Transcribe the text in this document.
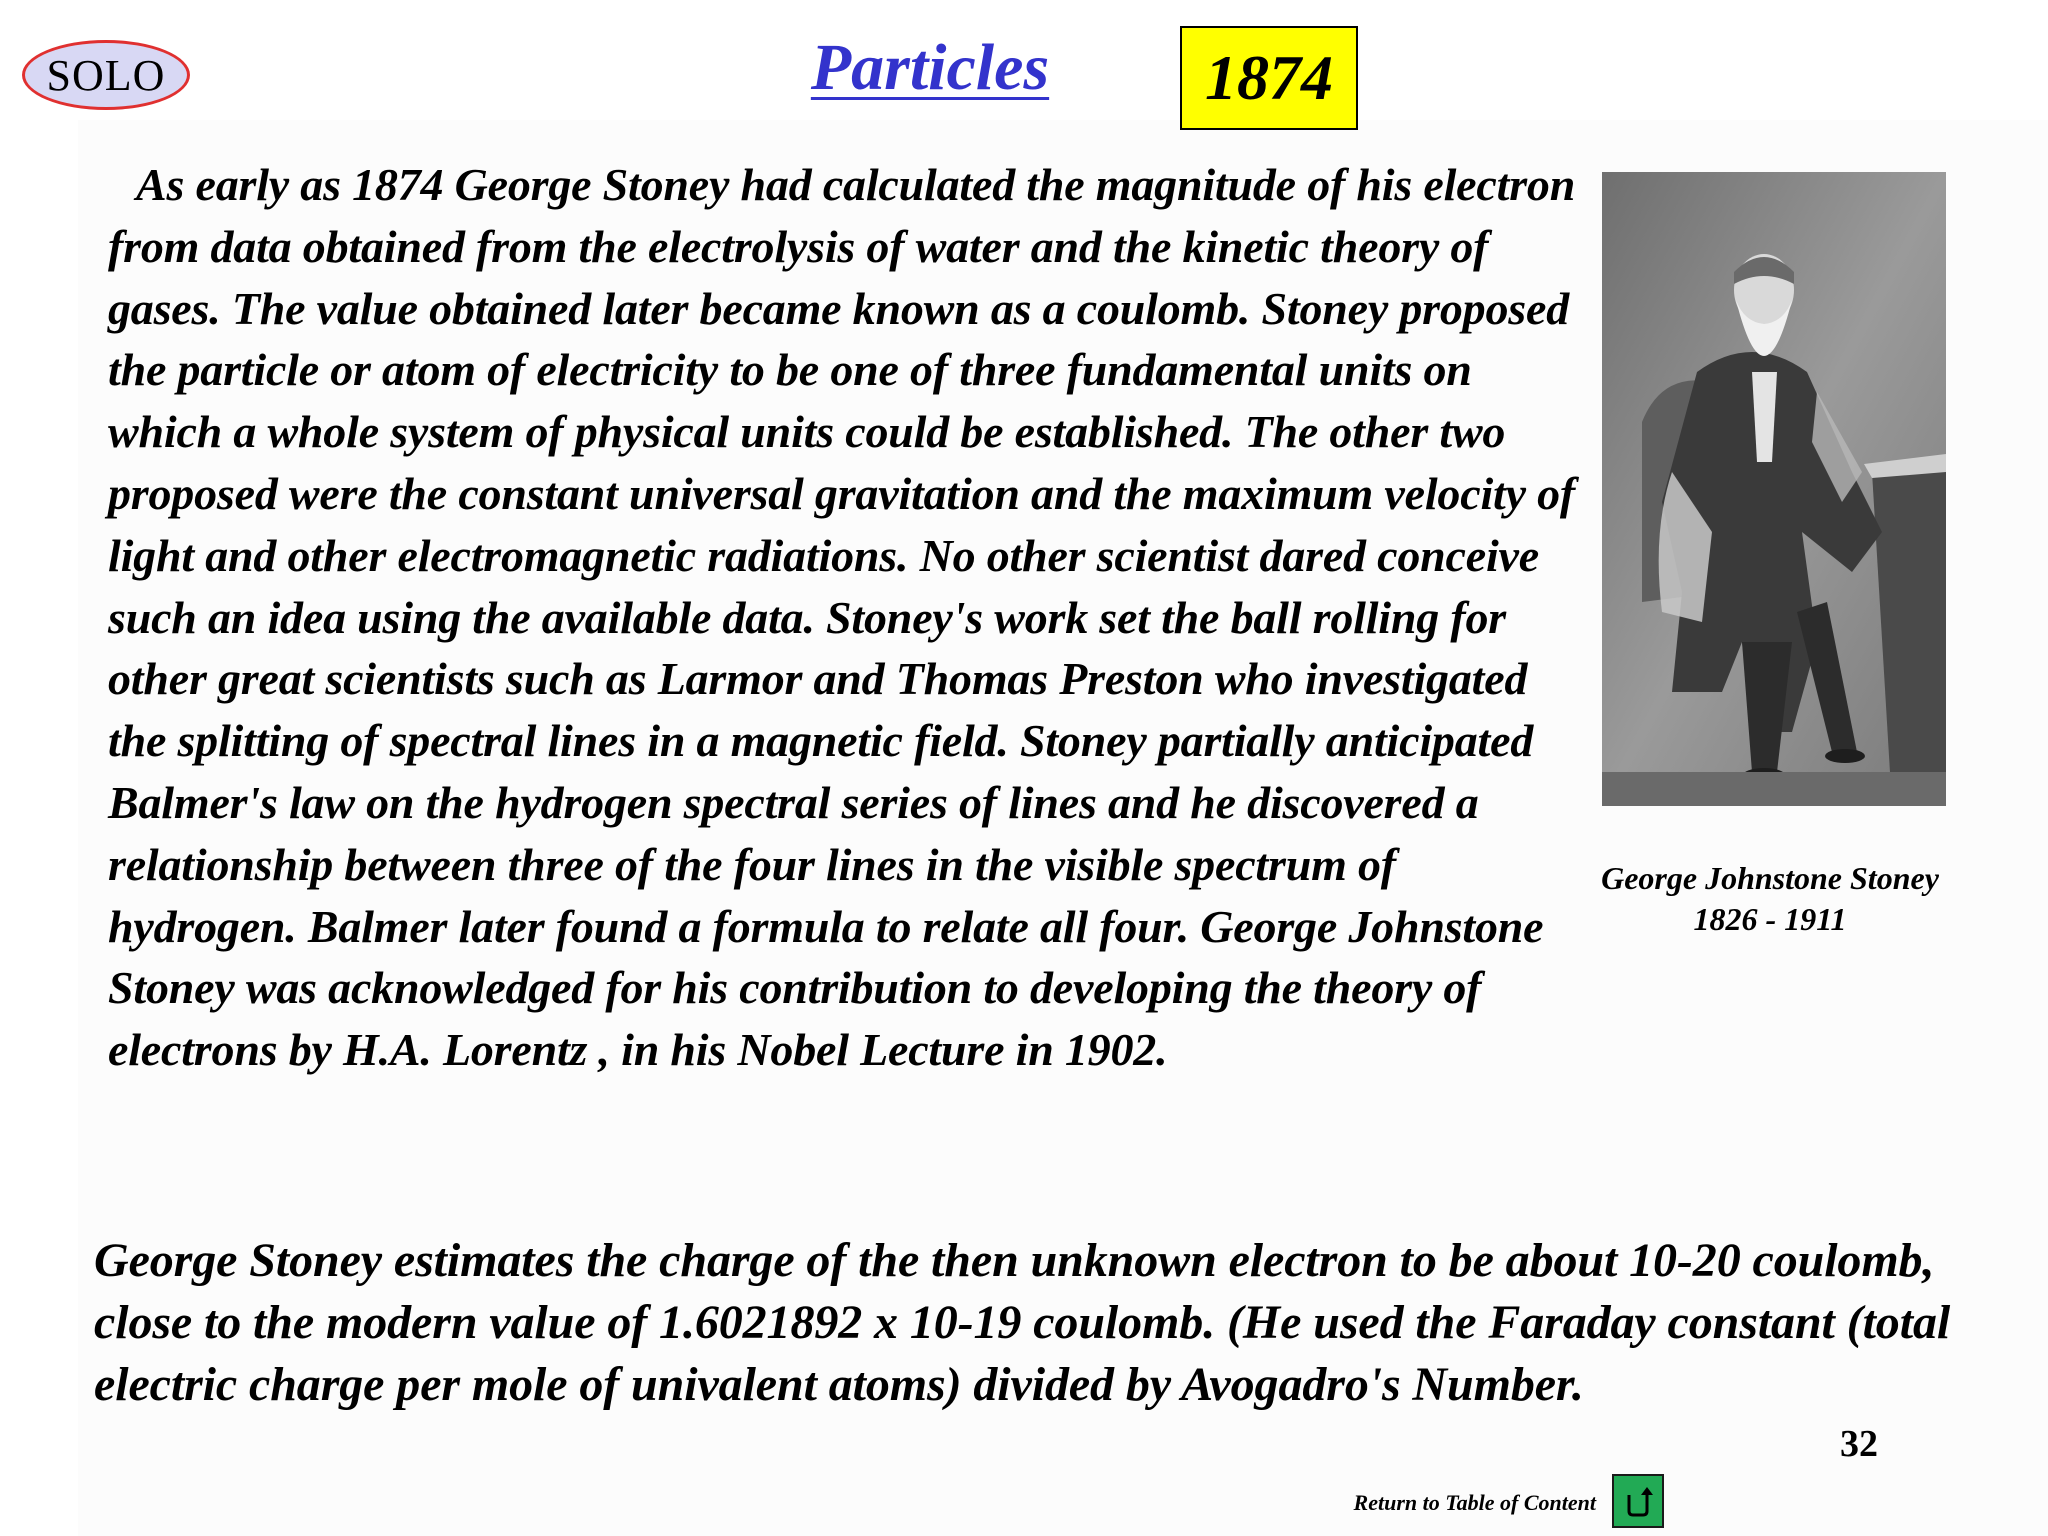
SOLO	Particles	1874

As early as 1874 George Stoney had calculated the magnitude of his electron from data obtained from the electrolysis of water and the kinetic theory of gases. The value obtained later became known as a coulomb. Stoney proposed the particle or atom of electricity to be one of three fundamental units on which a whole system of physical units could be established. The other two proposed were the constant universal gravitation and the maximum velocity of light and other electromagnetic radiations. No other scientist dared conceive such an idea using the available data. Stoney's work set the ball rolling for other great scientists such as Larmor and Thomas Preston who investigated the splitting of spectral lines in a magnetic field. Stoney partially anticipated Balmer's law on the hydrogen spectral series of lines and he discovered a relationship between three of the four lines in the visible spectrum of hydrogen. Balmer later found a formula to relate all four. George Johnstone Stoney was acknowledged for his contribution to developing the theory of electrons by H.A. Lorentz , in his Nobel Lecture in 1902.

George Johnstone Stoney
1826 - 1911

George Stoney estimates the charge of the then unknown electron to be about 10-20 coulomb, close to the modern value of 1.6021892 x 10-19 coulomb. (He used the Faraday constant (total electric charge per mole of univalent atoms) divided by Avogadro's Number.

32
Return to Table of Content
